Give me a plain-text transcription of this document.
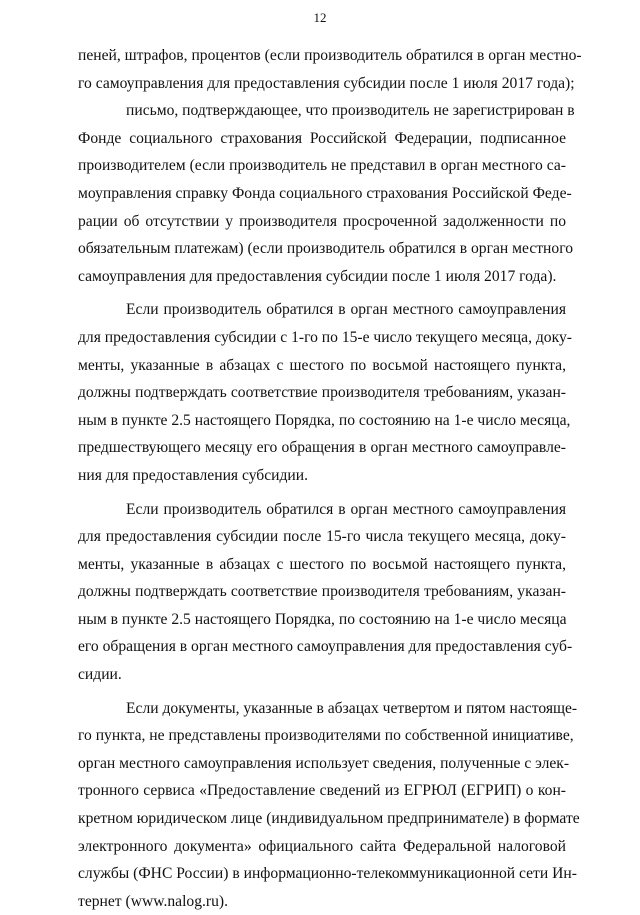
12
пеней, штрафов, процентов (если производитель обратился в орган местно-
го самоуправления для предоставления субсидии после 1 июля 2017 года);
письмо, подтверждающее, что производитель не зарегистрирован в
Фонде социального страхования Российской Федерации, подписанное
производителем (если производитель не представил в орган местного са-
моуправления справку Фонда социального страхования Российской Феде-
рации об отсутствии у производителя просроченной задолженности по
обязательным платежам) (если производитель обратился в орган местного
самоуправления для предоставления субсидии после 1 июля 2017 года).
Если производитель обратился в орган местного самоуправления
для предоставления субсидии с 1-го по 15-е число текущего месяца, доку-
менты, указанные в абзацах с шестого по восьмой настоящего пункта,
должны подтверждать соответствие производителя требованиям, указан-
ным в пункте 2.5 настоящего Порядка, по состоянию на 1-е число месяца,
предшествующего месяцу его обращения в орган местного самоуправле-
ния для предоставления субсидии.
Если производитель обратился в орган местного самоуправления
для предоставления субсидии после 15-го числа текущего месяца, доку-
менты, указанные в абзацах с шестого по восьмой настоящего пункта,
должны подтверждать соответствие производителя требованиям, указан-
ным в пункте 2.5 настоящего Порядка, по состоянию на 1-е число месяца
его обращения в орган местного самоуправления для предоставления суб-
сидии.
Если документы, указанные в абзацах четвертом и пятом настояще-
го пункта, не представлены производителями по собственной инициативе,
орган местного самоуправления использует сведения, полученные с элек-
тронного сервиса «Предоставление сведений из ЕГРЮЛ (ЕГРИП) о кон-
кретном юридическом лице (индивидуальном предпринимателе) в формате
электронного документа» официального сайта Федеральной налоговой
службы (ФНС России) в информационно-телекоммуникационной сети Ин-
тернет (www.nalog.ru).
